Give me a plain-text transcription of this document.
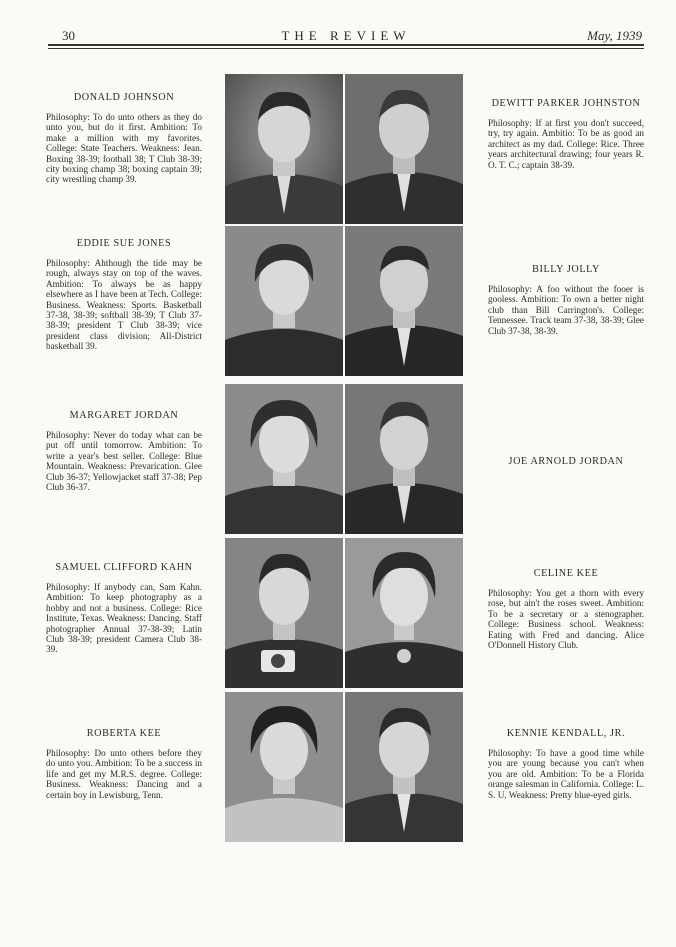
30	THE REVIEW	May, 1939

DONALD JOHNSON

Philosophy: To do unto others as they do unto you, but do it first. Ambition: To make a million with my favorites. College: State Teachers. Weakness: Jean. Boxing 38-39; football 38; T Club 38-39; city boxing champ 38; boxing captain 39; city wrestling champ 39.

EDDIE SUE JONES

Philosophy: Ahthough the tide may be rough, always stay on top of the waves. Ambition: To always be as happy elsewhere as I have been at Tech. College: Business. Weakness: Sports. Basketball 37-38, 38-39; softball 38-39; T Club 37-38-39; president T Club 38-39; vice president class division; All-District basketball 39.

MARGARET JORDAN

Philosophy: Never do today what can be put off until tomorrow. Ambition: To write a year's best seller. College: Blue Mountain. Weakness: Prevarication. Glee Club 36-37; Yellowjacket staff 37-38; Pep Club 36-37.

SAMUEL CLIFFORD KAHN

Philosophy: If anybody can, Sam Kahn. Ambition: To keep photography as a hobby and not a business. College: Rice Institute, Texas. Weakness: Dancing. Staff photographer Annual 37-38-39; Latin Club 38-39; president Camera Club 38-39.

ROBERTA KEE

Philosophy: Do unto others before they do unto you. Ambition: To be a success in life and get my M.R.S. degree. College: Business. Weakness: Dancing and a certain boy in Lewisburg, Tenn.

DEWITT PARKER JOHNSTON

Philosophy: If at first you don't succeed, try, try again. Ambitio: To be as good an architect as my dad. College: Rice. Three years architectural drawing; four years R. O. T. C.; captain 38-39.

BILLY JOLLY

Philosophy: A foo without the fooer is gooless. Ambition: To own a better night club than Bill Carrington's. College: Tennessee. Track team 37-38, 38-39; Glee Club 37-38, 38-39.

JOE ARNOLD JORDAN

CELINE KEE

Philosophy: You get a thorn with every rose, but ain't the roses sweet. Ambition: To be a secretary or a stenographer. College: Business school. Weakness: Eating with Fred and dancing. Alice O'Donnell History Club.

KENNIE KENDALL, JR.

Philosophy: To have a good time while you are young because you can't when you are old. Ambition: To be a Florida orange salesman in California. College: L. S. U. Weakness: Pretty blue-eyed girls.
